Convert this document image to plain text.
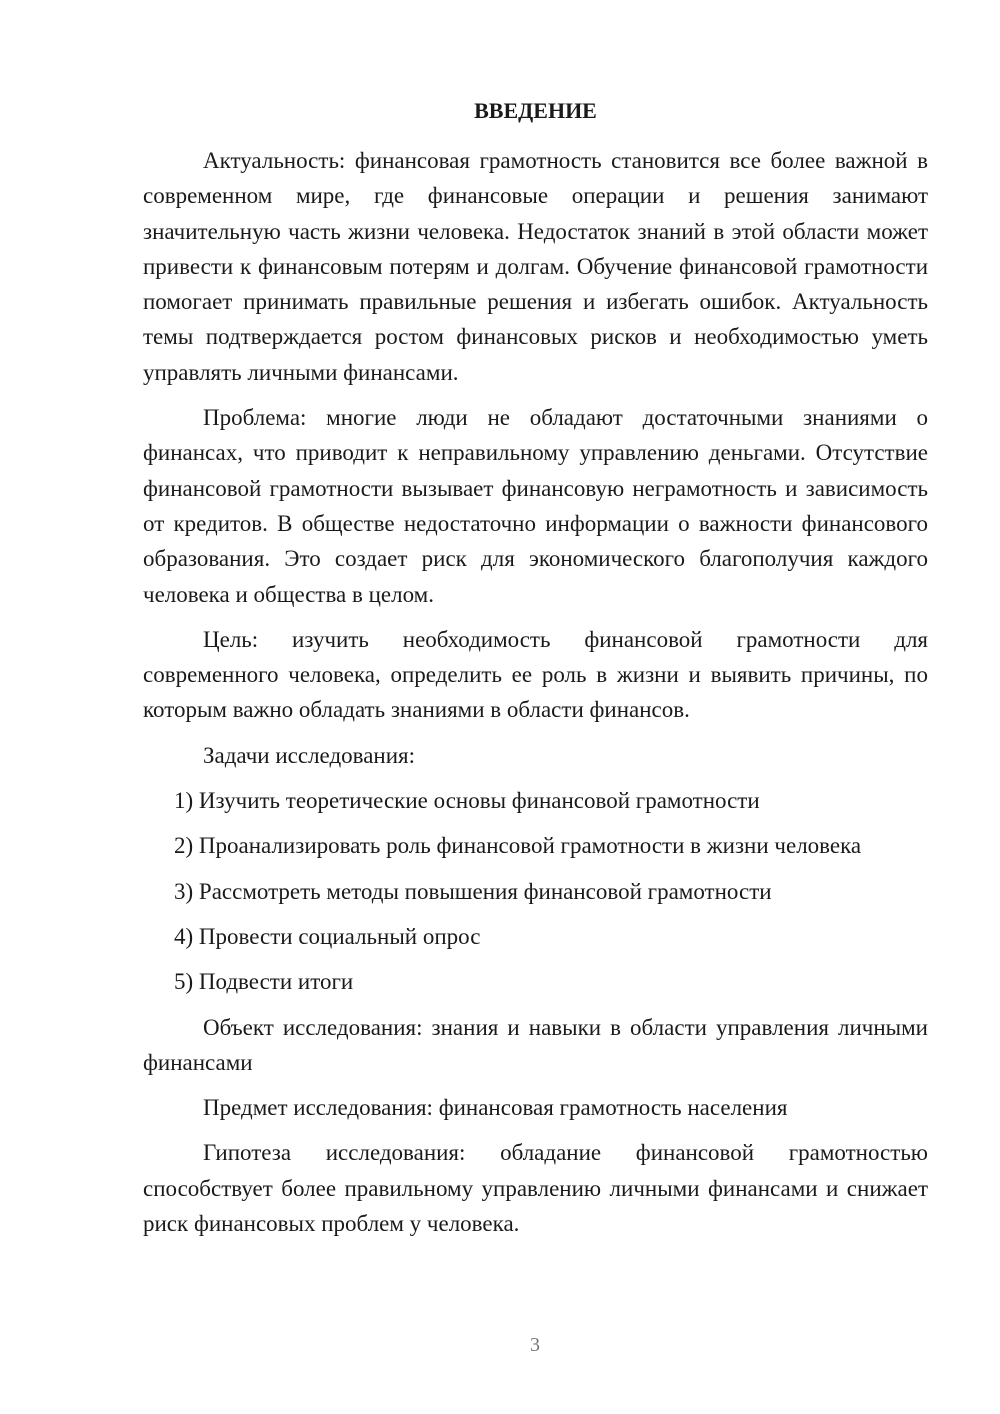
ВВЕДЕНИЕ

Актуальность: финансовая грамотность становится все более важной в современном мире, где финансовые операции и решения занимают значительную часть жизни человека. Недостаток знаний в этой области может привести к финансовым потерям и долгам. Обучение финансовой грамотности помогает принимать правильные решения и избегать ошибок. Актуальность темы подтверждается ростом финансовых рисков и необходимостью уметь управлять личными финансами.

Проблема: многие люди не обладают достаточными знаниями о финансах, что приводит к неправильному управлению деньгами. Отсутствие финансовой грамотности вызывает финансовую неграмотность и зависимость от кредитов. В обществе недостаточно информации о важности финансового образования. Это создает риск для экономического благополучия каждого человека и общества в целом.

Цель: изучить необходимость финансовой грамотности для современного человека, определить ее роль в жизни и выявить причины, по которым важно обладать знаниями в области финансов.

Задачи исследования:

1) Изучить теоретические основы финансовой грамотности

2) Проанализировать роль финансовой грамотности в жизни человека

3) Рассмотреть методы повышения финансовой грамотности

4) Провести социальный опрос

5) Подвести итоги

Объект исследования: знания и навыки в области управления личными финансами

Предмет исследования: финансовая грамотность населения

Гипотеза исследования: обладание финансовой грамотностью способствует более правильному управлению личными финансами и снижает риск финансовых проблем у человека.

3
